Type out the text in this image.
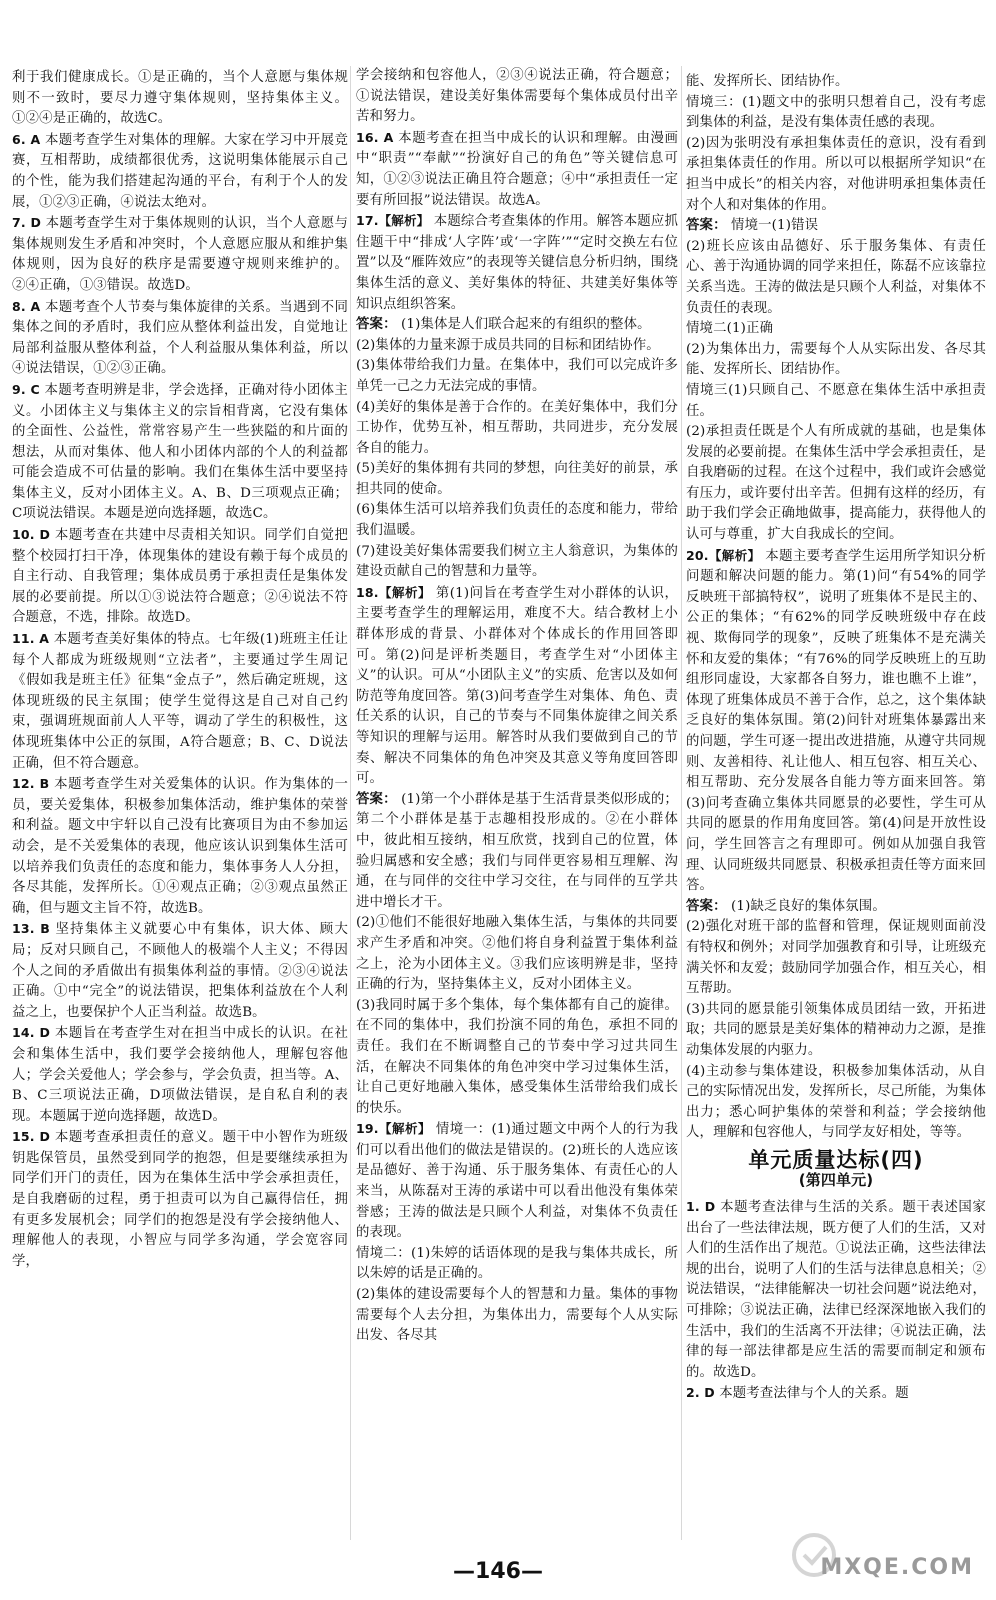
利于我们健康成长。①是正确的，当个人意愿与集体规则不一致时，要尽力遵守集体规则，坚持集体主义。①②④是正确的，故选C。

6. A 本题考查学生对集体的理解。大家在学习中开展竞赛，互相帮助，成绩都很优秀，这说明集体能展示自己的个性，能为我们搭建起沟通的平台，有利于个人的发展，①②③正确，④说法太绝对。

7. D 本题考查学生对于集体规则的认识，当个人意愿与集体规则发生矛盾和冲突时，个人意愿应服从和维护集体规则，因为良好的秩序是需要遵守规则来维护的。②④正确，①③错误。故选D。

8. A 本题考查个人节奏与集体旋律的关系。当遇到不同集体之间的矛盾时，我们应从整体利益出发，自觉地让局部利益服从整体利益，个人利益服从集体利益，所以④说法错误，①②③正确。

9. C 本题考查明辨是非，学会选择，正确对待小团体主义。小团体主义与集体主义的宗旨相背离，它没有集体的全面性、公益性，常常容易产生一些狭隘的和片面的想法，从而对集体、他人和小团体内部的个人的利益都可能会造成不可估量的影响。我们在集体生活中要坚持集体主义，反对小团体主义。A、B、D三项观点正确；C项说法错误。本题是逆向选择题，故选C。

10. D 本题考查在共建中尽责相关知识。同学们自觉把整个校园打扫干净，体现集体的建设有赖于每个成员的自主行动、自我管理；集体成员勇于承担责任是集体发展的必要前提。所以①③说法符合题意；②④说法不符合题意，不选，排除。故选D。

11. A 本题考查美好集体的特点。七年级(1)班班主任让每个人都成为班级规则“立法者”，主要通过学生周记《假如我是班主任》征集“金点子”，然后确定班规，这体现班级的民主氛围；使学生觉得这是自己对自己约束，强调班规面前人人平等，调动了学生的积极性，这体现班集体中公正的氛围，A符合题意；B、C、D说法正确，但不符合题意。

12. B 本题考查学生对关爱集体的认识。作为集体的一员，要关爱集体，积极参加集体活动，维护集体的荣誉和利益。题文中宇轩以自己没有比赛项目为由不参加运动会，是不关爱集体的表现，他应该认识到集体生活可以培养我们负责任的态度和能力，集体事务人人分担，各尽其能，发挥所长。①④观点正确；②③观点虽然正确，但与题文主旨不符，故选B。

13. B 坚持集体主义就要心中有集体，识大体、顾大局；反对只顾自己，不顾他人的极端个人主义；不得因个人之间的矛盾做出有损集体利益的事情。②③④说法正确。①中“完全”的说法错误，把集体利益放在个人利益之上，也要保护个人正当利益。故选B。

14. D 本题旨在考查学生对在担当中成长的认识。在社会和集体生活中，我们要学会接纳他人，理解包容他人；学会关爱他人；学会参与，学会负责，担当等。A、B、C三项说法正确，D项做法错误，是自私自利的表现。本题属于逆向选择题，故选D。

15. D 本题考查承担责任的意义。题干中小智作为班级钥匙保管员，虽然受到同学的抱怨，但是要继续承担为同学们开门的责任，因为在集体生活中学会承担责任，是自我磨砺的过程，勇于担责可以为自己赢得信任，拥有更多发展机会；同学们的抱怨是没有学会接纳他人、理解他人的表现，小智应与同学多沟通，学会宽容同学，

学会接纳和包容他人，②③④说法正确，符合题意；①说法错误，建设美好集体需要每个集体成员付出辛苦和努力。

16. A 本题考查在担当中成长的认识和理解。由漫画中“职责”“奉献”“扮演好自己的角色”等关键信息可知，①②③说法正确且符合题意；④中“承担责任一定要有所回报”说法错误。故选A。

17.【解析】 本题综合考查集体的作用。解答本题应抓住题干中“排成‘人字阵’或‘一字阵’”“定时交换左右位置”以及“雁阵效应”的表现等关键信息分析归纳，围绕集体生活的意义、美好集体的特征、共建美好集体等知识点组织答案。

答案： (1)集体是人们联合起来的有组织的整体。
(2)集体的力量来源于成员共同的目标和团结协作。
(3)集体带给我们力量。在集体中，我们可以完成许多单凭一己之力无法完成的事情。
(4)美好的集体是善于合作的。在美好集体中，我们分工协作，优势互补，相互帮助，共同进步，充分发展各自的能力。
(5)美好的集体拥有共同的梦想，向往美好的前景，承担共同的使命。
(6)集体生活可以培养我们负责任的态度和能力，带给我们温暖。
(7)建设美好集体需要我们树立主人翁意识，为集体的建设贡献自己的智慧和力量等。

18.【解析】 第(1)问旨在考查学生对小群体的认识，主要考查学生的理解运用，难度不大。结合教材上小群体形成的背景、小群体对个体成长的作用回答即可。第(2)问是评析类题目，考查学生对“小团体主义”的认识。可从“小团队主义”的实质、危害以及如何防范等角度回答。第(3)问考查学生对集体、角色、责任关系的认识，自己的节奏与不同集体旋律之间关系等知识的理解与运用。解答时从我们要做到自己的节奏、解决不同集体的角色冲突及其意义等角度回答即可。

答案： (1)第一个小群体是基于生活背景类似形成的；第二个小群体是基于志趣相投形成的。②在小群体中，彼此相互接纳，相互欣赏，找到自己的位置，体验归属感和安全感；我们与同伴更容易相互理解、沟通，在与同伴的交往中学习交往，在与同伴的互学共进中增长才干。
(2)①他们不能很好地融入集体生活，与集体的共同要求产生矛盾和冲突。②他们将自身利益置于集体利益之上，沦为小团体主义。③我们应该明辨是非，坚持正确的行为，坚持集体主义，反对小团体主义。
(3)我同时属于多个集体，每个集体都有自己的旋律。在不同的集体中，我们扮演不同的角色，承担不同的责任。我们在不断调整自己的节奏中学习过共同生活，在解决不同集体的角色冲突中学习过集体生活，让自己更好地融入集体，感受集体生活带给我们成长的快乐。

19.【解析】 情境一：(1)通过题文中两个人的行为我们可以看出他们的做法是错误的。(2)班长的人选应该是品德好、善于沟通、乐于服务集体、有责任心的人来当，从陈磊对王涛的承诺中可以看出他没有集体荣誉感；王涛的做法是只顾个人利益，对集体不负责任的表现。
情境二：(1)朱婷的话语体现的是我与集体共成长，所以朱婷的话是正确的。
(2)集体的建设需要每个人的智慧和力量。集体的事物需要每个人去分担，为集体出力，需要每个人从实际出发、各尽其

能、发挥所长、团结协作。
情境三：(1)题文中的张明只想着自己，没有考虑到集体的利益，是没有集体责任感的表现。
(2)因为张明没有承担集体责任的意识，没有看到承担集体责任的作用。所以可以根据所学知识“在担当中成长”的相关内容，对他讲明承担集体责任对个人和对集体的作用。

答案： 情境一(1)错误
(2)班长应该由品德好、乐于服务集体、有责任心、善于沟通协调的同学来担任，陈磊不应该靠拉关系当选。王涛的做法是只顾个人利益，对集体不负责任的表现。
情境二(1)正确
(2)为集体出力，需要每个人从实际出发、各尽其能、发挥所长、团结协作。
情境三(1)只顾自己、不愿意在集体生活中承担责任。
(2)承担责任既是个人有所成就的基础，也是集体发展的必要前提。在集体生活中学会承担责任，是自我磨砺的过程。在这个过程中，我们或许会感觉有压力，或许要付出辛苦。但拥有这样的经历，有助于我们学会正确地做事，提高能力，获得他人的认可与尊重，扩大自我成长的空间。

20.【解析】 本题主要考查学生运用所学知识分析问题和解决问题的能力。第(1)问“有54%的同学反映班干部搞特权”，说明了班集体不是民主的、公正的集体；“有62%的同学反映班级中存在歧视、欺侮同学的现象”，反映了班集体不是充满关怀和友爱的集体；“有76%的同学反映班上的互助组形同虚设，大家都各自努力，谁也瞧不上谁”，体现了班集体成员不善于合作，总之，这个集体缺乏良好的集体氛围。第(2)问针对班集体暴露出来的问题，学生可逐一提出改进措施，从遵守共同规则、友善相待、礼让他人、相互包容、相互关心、相互帮助、充分发展各自能力等方面来回答。第(3)问考查确立集体共同愿景的必要性，学生可从共同的愿景的作用角度回答。第(4)问是开放性设问，学生回答言之有理即可。例如从加强自我管理、认同班级共同愿景、积极承担责任等方面来回答。

答案： (1)缺乏良好的集体氛围。
(2)强化对班干部的监督和管理，保证规则面前没有特权和例外；对同学加强教育和引导，让班级充满关怀和友爱；鼓励同学加强合作，相互关心，相互帮助。
(3)共同的愿景能引领集体成员团结一致，开拓进取；共同的愿景是美好集体的精神动力之源，是推动集体发展的内驱力。
(4)主动参与集体建设，积极参加集体活动，从自己的实际情况出发，发挥所长，尽己所能，为集体出力；悉心呵护集体的荣誉和利益；学会接纳他人，理解和包容他人，与同学友好相处，等等。

单元质量达标(四)
(第四单元)

1. D 本题考查法律与生活的关系。题干表述国家出台了一些法律法规，既方便了人们的生活，又对人们的生活作出了规范。①说法正确，这些法律法规的出台，说明了人们的生活与法律息息相关；②说法错误，“法律能解决一切社会问题”说法绝对，可排除；③说法正确，法律已经深深地嵌入我们的生活中，我们的生活离不开法律；④说法正确，法律的每一部法律都是应生活的需要而制定和颁布的。故选D。

2. D 本题考查法律与个人的关系。题

—146—	MXQE.COM
